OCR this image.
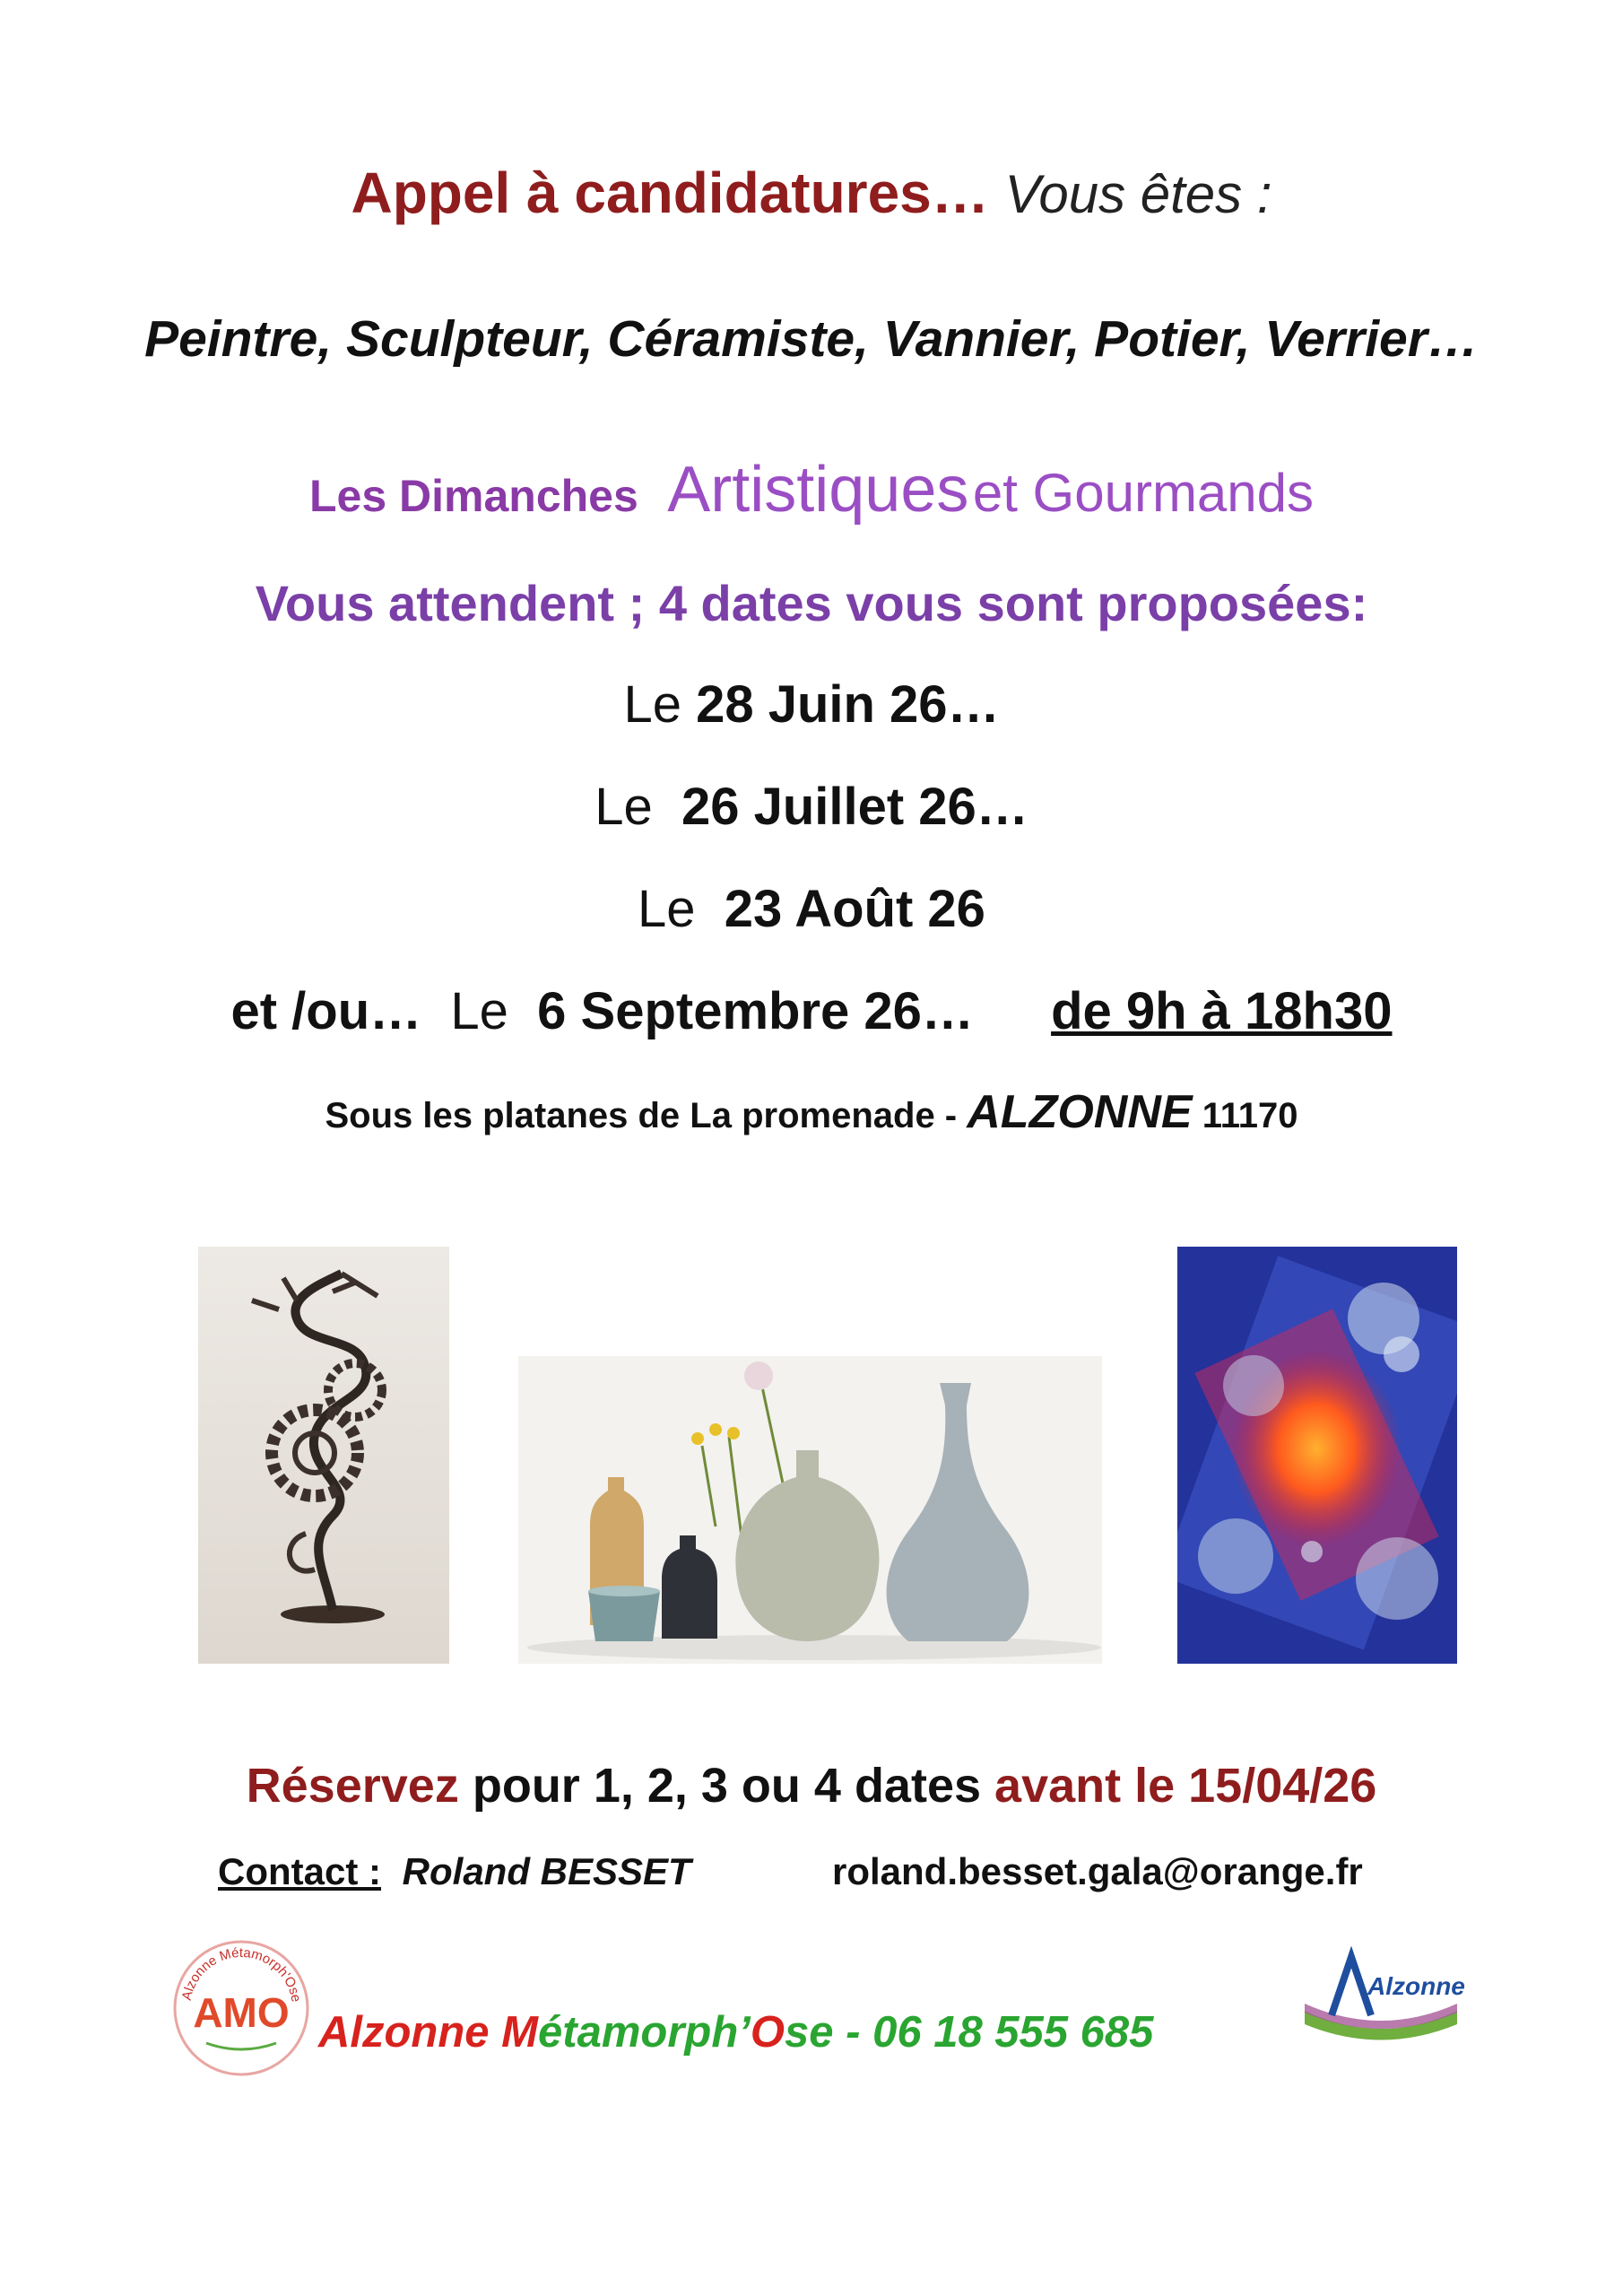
Appel à candidatures… Vous êtes :
Peintre, Sculpteur, Céramiste, Vannier, Potier, Verrier…
Les Dimanches Artistiques et Gourmands
Vous attendent ; 4 dates vous sont proposées:
Le 28 Juin 26…
Le 26 Juillet 26…
Le 23 Août 26
et /ou… Le 6 Septembre 26… de 9h à 18h30
Sous les platanes de La promenade - ALZONNE 11170
Réservez pour 1, 2, 3 ou 4 dates avant le 15/04/26
Contact : Roland BESSET	roland.besset.gala@orange.fr
Alzonne Métamorph'Ose
AMO Alzonne Métamorph’Ose - 06 18 555 685
Alzonne
